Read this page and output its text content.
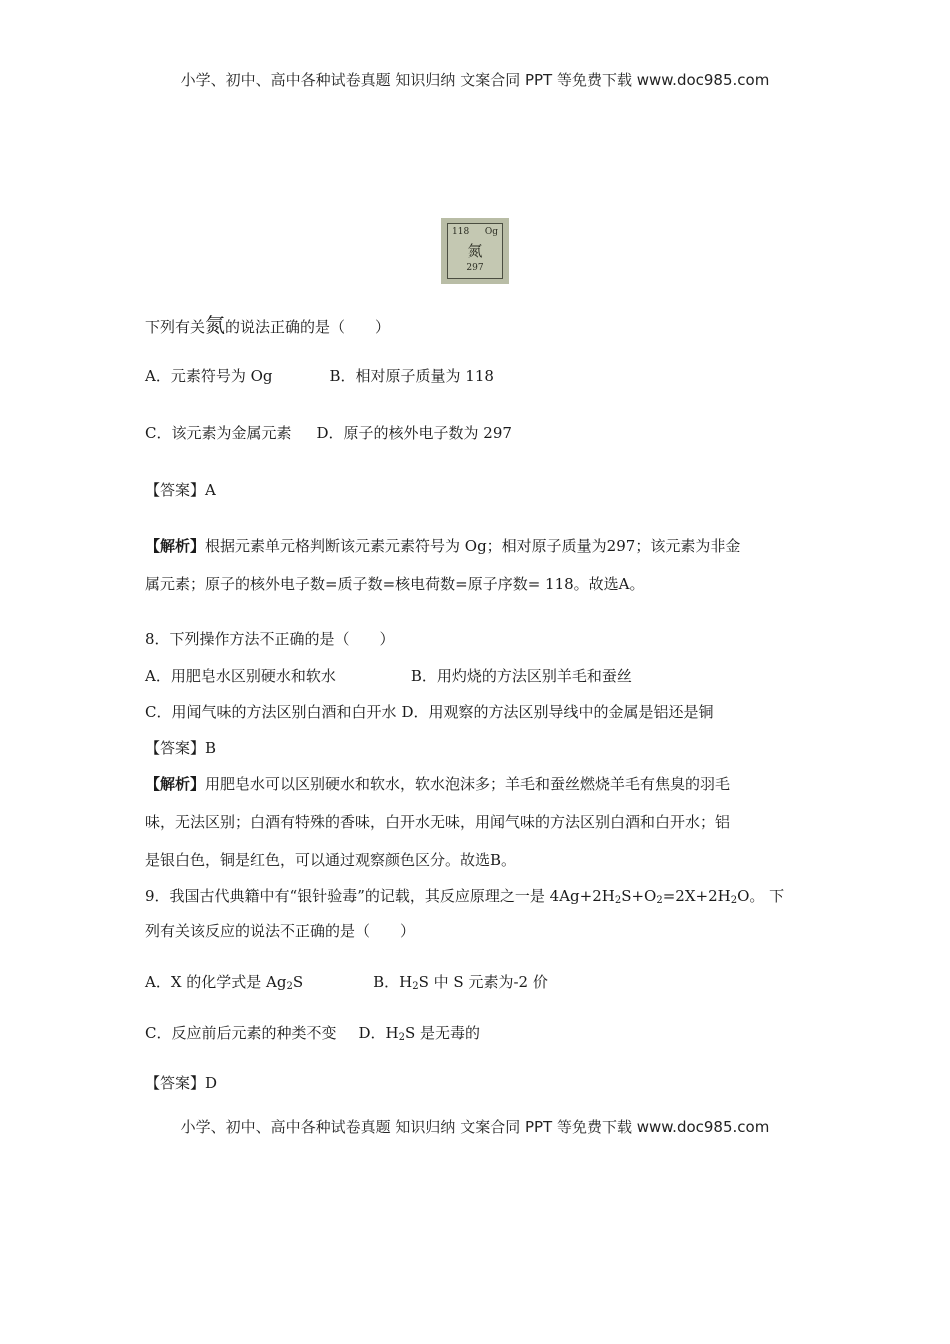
小学、初中、高中各种试卷真题 知识归纳 文案合同 PPT 等免费下载 www.doc985.com
118 Og
氮
297
下列有关氮的说法正确的是（　　）
A．元素符号为 Og	B．相对原子质量为 118
C．该元素为金属元素 D．原子的核外电子数为 297
【答案】A
【解析】根据元素单元格判断该元素元素符号为 Og；相对原子质量为297；该元素为非金
属元素；原子的核外电子数=质子数=核电荷数=原子序数= 118。故选A。
8．下列操作方法不正确的是（　　）
A．用肥皂水区别硬水和软水	B．用灼烧的方法区别羊毛和蚕丝
C．用闻气味的方法区别白酒和白开水 D．用观察的方法区别导线中的金属是铝还是铜
【答案】B
【解析】用肥皂水可以区别硬水和软水，软水泡沫多；羊毛和蚕丝燃烧羊毛有焦臭的羽毛
味，无法区别；白酒有特殊的香味，白开水无味，用闻气味的方法区别白酒和白开水；铝
是银白色，铜是红色，可以通过观察颜色区分。故选B。
9．我国古代典籍中有“银针验毒”的记载，其反应原理之一是 $4Ag+2H_2S+O_2=2X+2H_2O$。 下
列有关该反应的说法不正确的是（　　）
A．X 的化学式是 $Ag_2S$	B．$H_2S$ 中 S 元素为-2 价
C．反应前后元素的种类不变 D．$H_2S$ 是无毒的
【答案】D
小学、初中、高中各种试卷真题 知识归纳 文案合同 PPT 等免费下载 www.doc985.com
